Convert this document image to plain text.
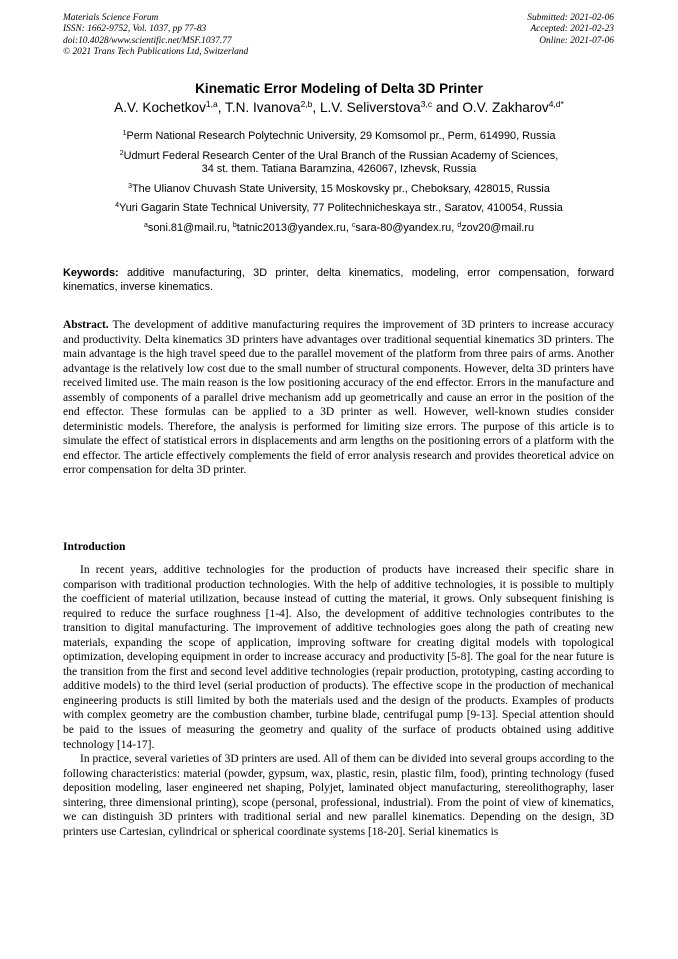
Materials Science Forum
ISSN: 1662-9752, Vol. 1037, pp 77-83
doi:10.4028/www.scientific.net/MSF.1037.77
© 2021 Trans Tech Publications Ltd, Switzerland
Submitted: 2021-02-06
Accepted: 2021-02-23
Online: 2021-07-06
Kinematic Error Modeling of Delta 3D Printer
A.V. Kochetkov$^{1,a}$, T.N. Ivanova$^{2,b}$, L.V. Seliverstova$^{3,c}$ and O.V. Zakharov$^{4,d*}$
$^1$Perm National Research Polytechnic University, 29 Komsomol pr., Perm, 614990, Russia
$^2$Udmurt Federal Research Center of the Ural Branch of the Russian Academy of Sciences,
34 st. them. Tatiana Baramzina, 426067, Izhevsk, Russia
$^3$The Ulianov Chuvash State University, 15 Moskovsky pr., Cheboksary, 428015, Russia
$^4$Yuri Gagarin State Technical University, 77 Politechnicheskaya str., Saratov, 410054, Russia
$^a$soni.81@mail.ru, $^b$tatnic2013@yandex.ru, $^c$sara-80@yandex.ru, $^d$zov20@mail.ru
Keywords: additive manufacturing, 3D printer, delta kinematics, modeling, error compensation, forward kinematics, inverse kinematics.
Abstract. The development of additive manufacturing requires the improvement of 3D printers to increase accuracy and productivity. Delta kinematics 3D printers have advantages over traditional sequential kinematics 3D printers. The main advantage is the high travel speed due to the parallel movement of the platform from three pairs of arms. Another advantage is the relatively low cost due to the small number of structural components. However, delta 3D printers have received limited use. The main reason is the low positioning accuracy of the end effector. Errors in the manufacture and assembly of components of a parallel drive mechanism add up geometrically and cause an error in the position of the end effector. These formulas can be applied to a 3D printer as well. However, well-known studies consider deterministic models. Therefore, the analysis is performed for limiting size errors. The purpose of this article is to simulate the effect of statistical errors in displacements and arm lengths on the positioning errors of a platform with the end effector. The article effectively complements the field of error analysis research and provides theoretical advice on error compensation for delta 3D printer.
Introduction

In recent years, additive technologies for the production of products have increased their specific share in comparison with traditional production technologies. With the help of additive technologies, it is possible to multiply the coefficient of material utilization, because instead of cutting the material, it grows. Only subsequent finishing is required to reduce the surface roughness [1-4]. Also, the development of additive technologies contributes to the transition to digital manufacturing. The improvement of additive technologies goes along the path of creating new materials, expanding the scope of application, improving software for creating digital models with topological optimization, developing equipment in order to increase accuracy and productivity [5-8]. The goal for the near future is the transition from the first and second level additive technologies (repair production, prototyping, casting according to additive models) to the third level (serial production of products). The effective scope in the production of mechanical engineering products is still limited by both the materials used and the design of the products. Examples of products with complex geometry are the combustion chamber, turbine blade, centrifugal pump [9-13]. Special attention should be paid to the issues of measuring the geometry and quality of the surface of products obtained using additive technology [14-17].

In practice, several varieties of 3D printers are used. All of them can be divided into several groups according to the following characteristics: material (powder, gypsum, wax, plastic, resin, plastic film, food), printing technology (fused deposition modeling, laser engineered net shaping, Polyjet, laminated object manufacturing, stereolithography, laser sintering, three dimensional printing), scope (personal, professional, industrial). From the point of view of kinematics, we can distinguish 3D printers with traditional serial and new parallel kinematics. Depending on the design, 3D printers use Cartesian, cylindrical or spherical coordinate systems [18-20]. Serial kinematics is
